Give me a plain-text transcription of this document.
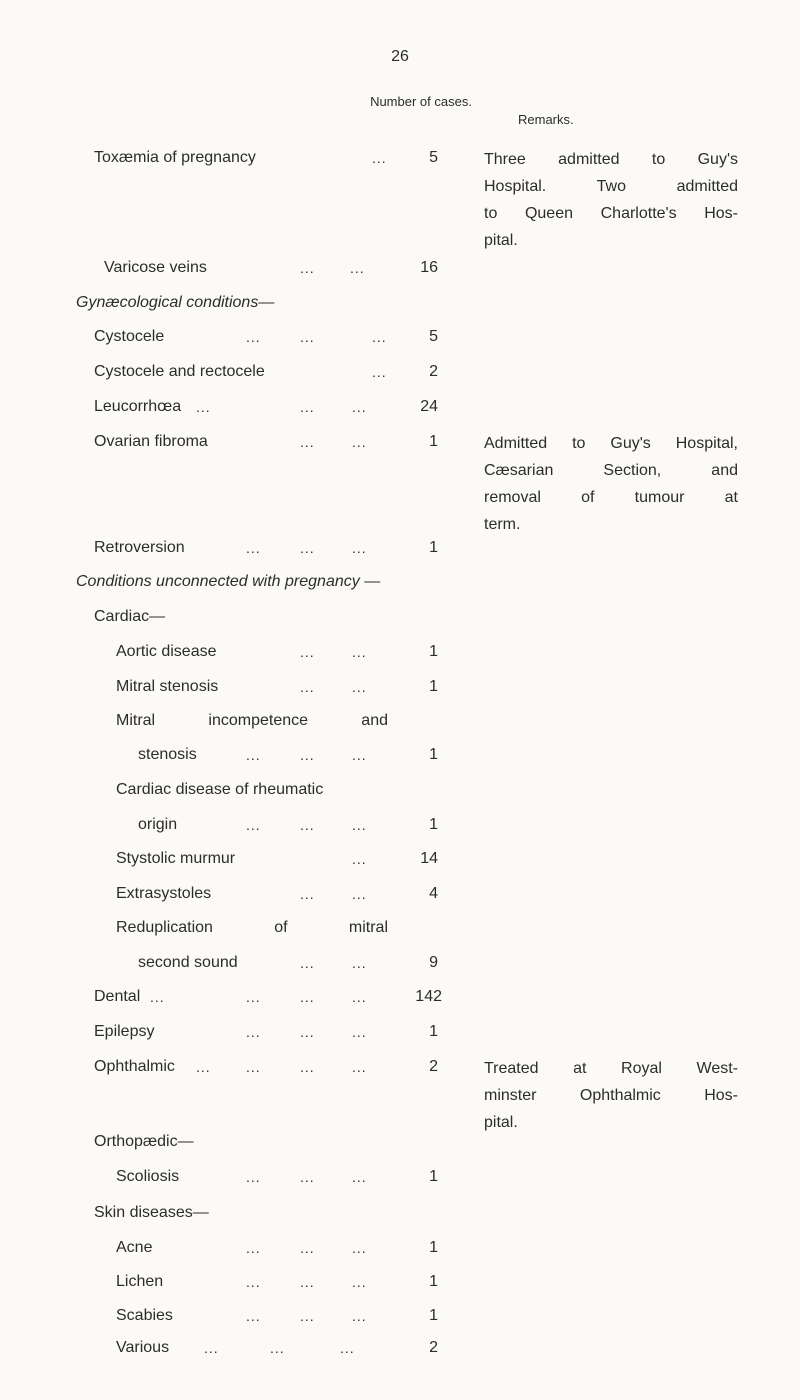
26
Number of cases.
Remarks.
Toxæmia of pregnancy	...	5	Three admitted to Guy's
Hospital. Two admitted
to Queen Charlotte's Hos-
pital.
Varicose veins	...	...	16
Gynæcological conditions—
Cystocele	...	...	...	5
Cystocele and rectocele	...	2
Leucorrhœa ...	...	...	24
Ovarian fibroma	...	...	1	Admitted to Guy's Hospital,
Cæsarian Section, and
removal of tumour at
term.
Retroversion	...	...	...	1
Conditions unconnected with pregnancy —
Cardiac—
Aortic disease	...	...	1
Mitral stenosis	...	...	1
Mitral incompetence and
stenosis	...	...	...	1
Cardiac disease of rheumatic
origin	...	...	...	1
Stystolic murmur	...	14
Extrasystoles	...	...	4
Reduplication of mitral
second sound	...	...	9
Dental ...	...	...	...	142
Epilepsy	...	...	...	1
Ophthalmic ...	...	...	...	2	Treated at Royal West-
minster Ophthalmic Hos-
pital.
Orthopædic—
Scoliosis	...	...	...	1
Skin diseases—
Acne	...	...	...	1
Lichen	...	...	...	1
Scabies	...	...	...	1
Various ...	...	...	2
